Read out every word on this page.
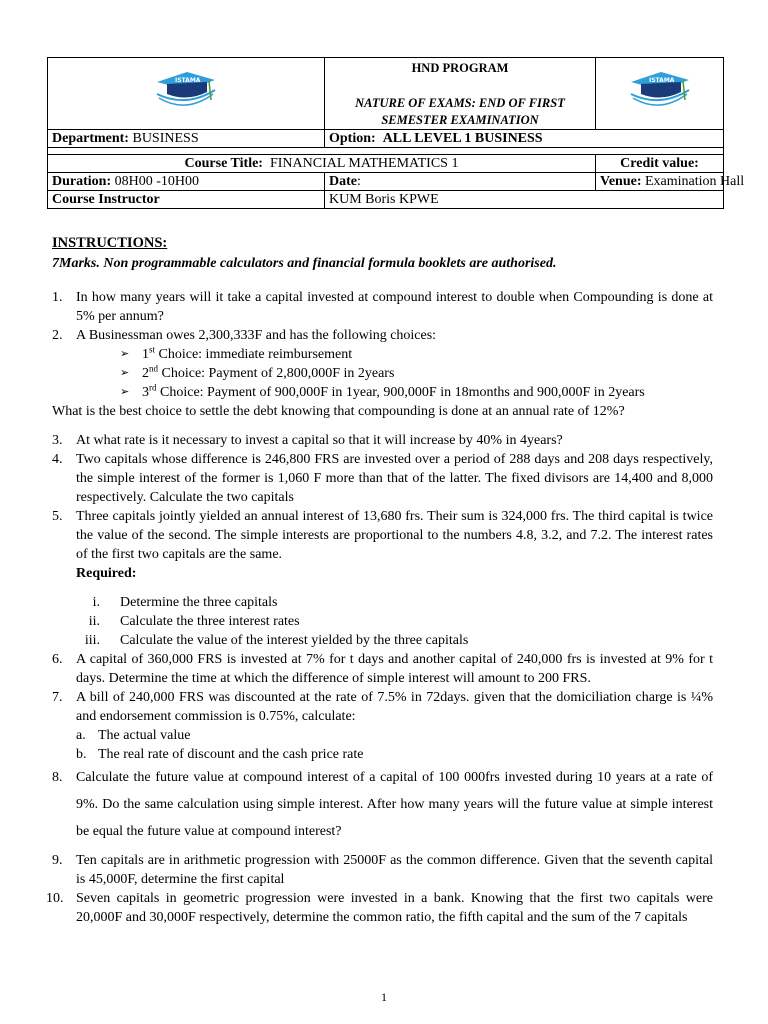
ISTAMA	HND PROGRAM
NATURE OF EXAMS: END OF FIRST
SEMESTER EXAMINATION	ISTAMA

Department: BUSINESS	Option: ALL LEVEL 1 BUSINESS	

Course Title: FINANCIAL MATHEMATICS 1		Credit value:
Duration: 08H00 -10H00	Date:	Venue: Examination Hall
Course Instructor	KUM Boris KPWE	
INSTRUCTIONS:
7Marks. Non programmable calculators and financial formula booklets are authorised.
1. In how many years will it take a capital invested at compound interest to double when Compounding is done at 5% per annum?
2. A Businessman owes 2,300,333F and has the following choices:
➢ 1st Choice: immediate reimbursement
➢ 2nd Choice: Payment of 2,800,000F in 2years
➢ 3rd Choice: Payment of 900,000F in 1year, 900,000F in 18months and 900,000F in 2years
What is the best choice to settle the debt knowing that compounding is done at an annual rate of 12%?
3. At what rate is it necessary to invest a capital so that it will increase by 40% in 4years?
4. Two capitals whose difference is 246,800 FRS are invested over a period of 288 days and 208 days respectively, the simple interest of the former is 1,060 F more than that of the latter. The fixed divisors are 14,400 and 8,000 respectively. Calculate the two capitals
5. Three capitals jointly yielded an annual interest of 13,680 frs. Their sum is 324,000 frs. The third capital is twice the value of the second. The simple interests are proportional to the numbers 4.8, 3.2, and 7.2. The interest rates of the first two capitals are the same.
Required:
i. Determine the three capitals
ii. Calculate the three interest rates
iii. Calculate the value of the interest yielded by the three capitals
6. A capital of 360,000 FRS is invested at 7% for t days and another capital of 240,000 frs is invested at 9% for t days. Determine the time at which the difference of simple interest will amount to 200 FRS.
7. A bill of 240,000 FRS was discounted at the rate of 7.5% in 72days. given that the domiciliation charge is ¼% and endorsement commission is 0.75%, calculate:
a. The actual value
b. The real rate of discount and the cash price rate
8. Calculate the future value at compound interest of a capital of 100 000frs invested during 10 years at a rate of 9%. Do the same calculation using simple interest. After how many years will the future value at simple interest be equal the future value at compound interest?
9. Ten capitals are in arithmetic progression with 25000F as the common difference. Given that the seventh capital is 45,000F, determine the first capital
10. Seven capitals in geometric progression were invested in a bank. Knowing that the first two capitals were 20,000F and 30,000F respectively, determine the common ratio, the fifth capital and the sum of the 7 capitals
1
